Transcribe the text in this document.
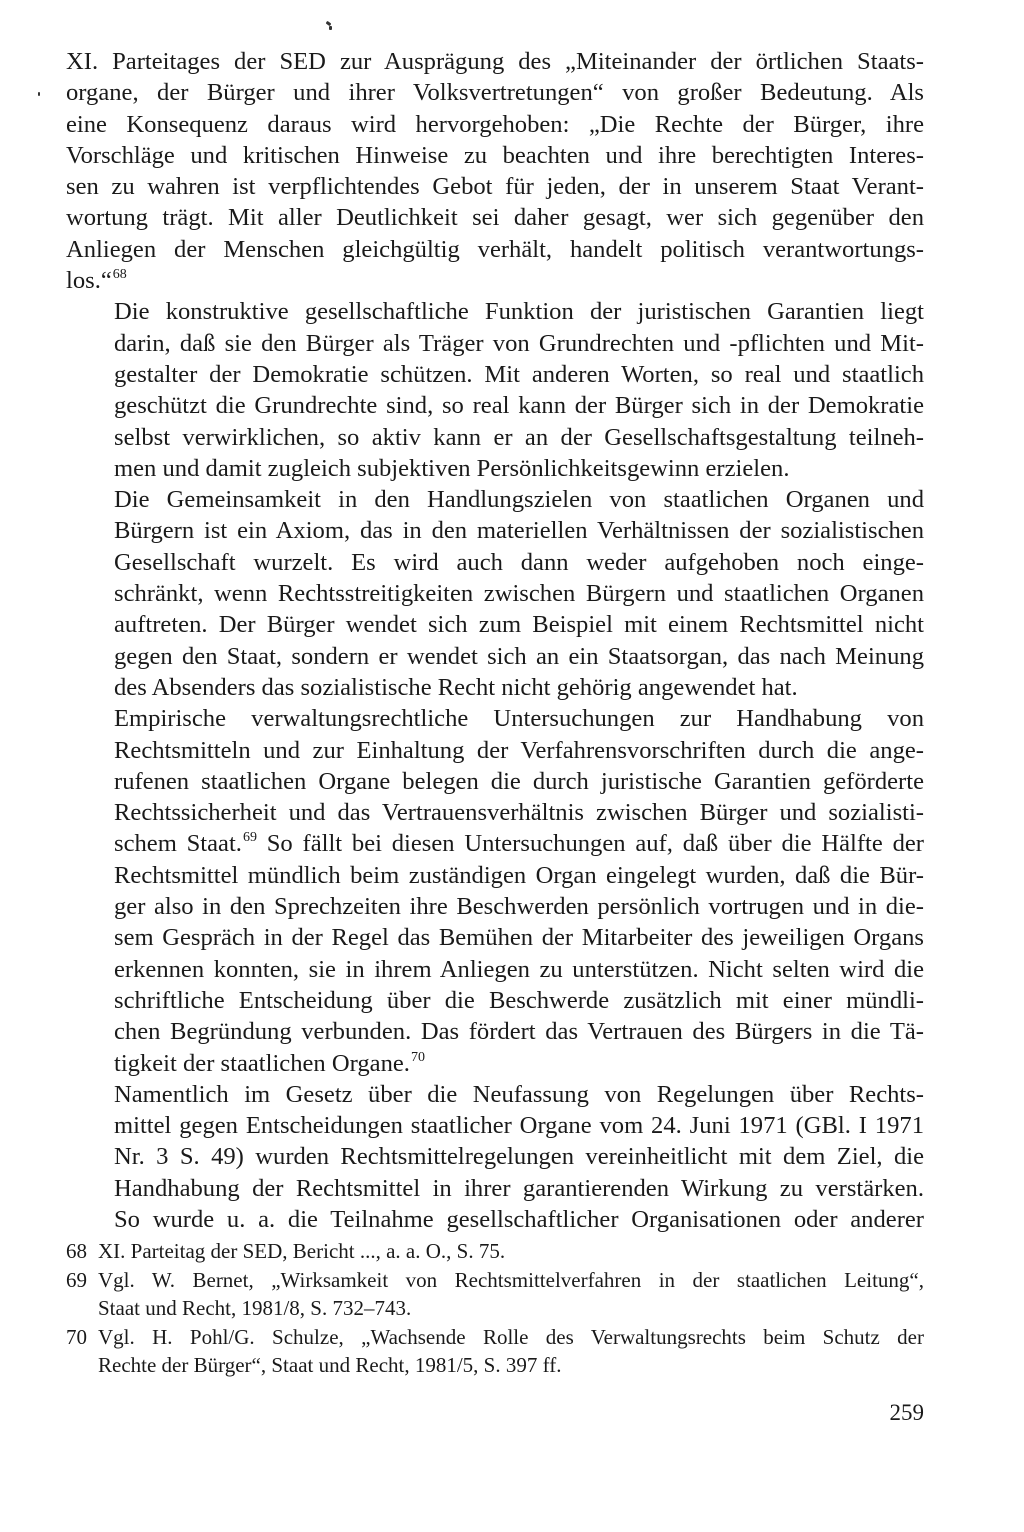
XI. Parteitages der SED zur Ausprägung des „Miteinander der örtlichen Staats-
organe, der Bürger und ihrer Volksvertretungen“ von großer Bedeutung. Als
eine Konsequenz daraus wird hervorgehoben: „Die Rechte der Bürger, ihre
Vorschläge und kritischen Hinweise zu beachten und ihre berechtigten Interes-
sen zu wahren ist verpflichtendes Gebot für jeden, der in unserem Staat Verant-
wortung trägt. Mit aller Deutlichkeit sei daher gesagt, wer sich gegenüber den
Anliegen der Menschen gleichgültig verhält, handelt politisch verantwortungs-
los.“$^{68}$

Die konstruktive gesellschaftliche Funktion der juristischen Garantien liegt
darin, daß sie den Bürger als Träger von Grundrechten und -pflichten und Mit-
gestalter der Demokratie schützen. Mit anderen Worten, so real und staatlich
geschützt die Grundrechte sind, so real kann der Bürger sich in der Demokratie
selbst verwirklichen, so aktiv kann er an der Gesellschaftsgestaltung teilneh-
men und damit zugleich subjektiven Persönlichkeitsgewinn erzielen.

Die Gemeinsamkeit in den Handlungszielen von staatlichen Organen und
Bürgern ist ein Axiom, das in den materiellen Verhältnissen der sozialistischen
Gesellschaft wurzelt. Es wird auch dann weder aufgehoben noch einge-
schränkt, wenn Rechtsstreitigkeiten zwischen Bürgern und staatlichen Organen
auftreten. Der Bürger wendet sich zum Beispiel mit einem Rechtsmittel nicht
gegen den Staat, sondern er wendet sich an ein Staatsorgan, das nach Meinung
des Absenders das sozialistische Recht nicht gehörig angewendet hat.

Empirische verwaltungsrechtliche Untersuchungen zur Handhabung von
Rechtsmitteln und zur Einhaltung der Verfahrensvorschriften durch die ange-
rufenen staatlichen Organe belegen die durch juristische Garantien geförderte
Rechtssicherheit und das Vertrauensverhältnis zwischen Bürger und sozialisti-
schem Staat.$^{69}$ So fällt bei diesen Untersuchungen auf, daß über die Hälfte der
Rechtsmittel mündlich beim zuständigen Organ eingelegt wurden, daß die Bür-
ger also in den Sprechzeiten ihre Beschwerden persönlich vortrugen und in die-
sem Gespräch in der Regel das Bemühen der Mitarbeiter des jeweiligen Organs
erkennen konnten, sie in ihrem Anliegen zu unterstützen. Nicht selten wird die
schriftliche Entscheidung über die Beschwerde zusätzlich mit einer mündli-
chen Begründung verbunden. Das fördert das Vertrauen des Bürgers in die Tä-
tigkeit der staatlichen Organe.$^{70}$

Namentlich im Gesetz über die Neufassung von Regelungen über Rechts-
mittel gegen Entscheidungen staatlicher Organe vom 24. Juni 1971 (GBl. I 1971
Nr. 3 S. 49) wurden Rechtsmittelregelungen vereinheitlicht mit dem Ziel, die
Handhabung der Rechtsmittel in ihrer garantierenden Wirkung zu verstärken.
So wurde u. a. die Teilnahme gesellschaftlicher Organisationen oder anderer

68 XI. Parteitag der SED, Bericht ..., a. a. O., S. 75.
69 Vgl. W. Bernet, „Wirksamkeit von Rechtsmittelverfahren in der staatlichen Leitung“,
Staat und Recht, 1981/8, S. 732–743.
70 Vgl. H. Pohl/G. Schulze, „Wachsende Rolle des Verwaltungsrechts beim Schutz der
Rechte der Bürger“, Staat und Recht, 1981/5, S. 397 ff.
259
